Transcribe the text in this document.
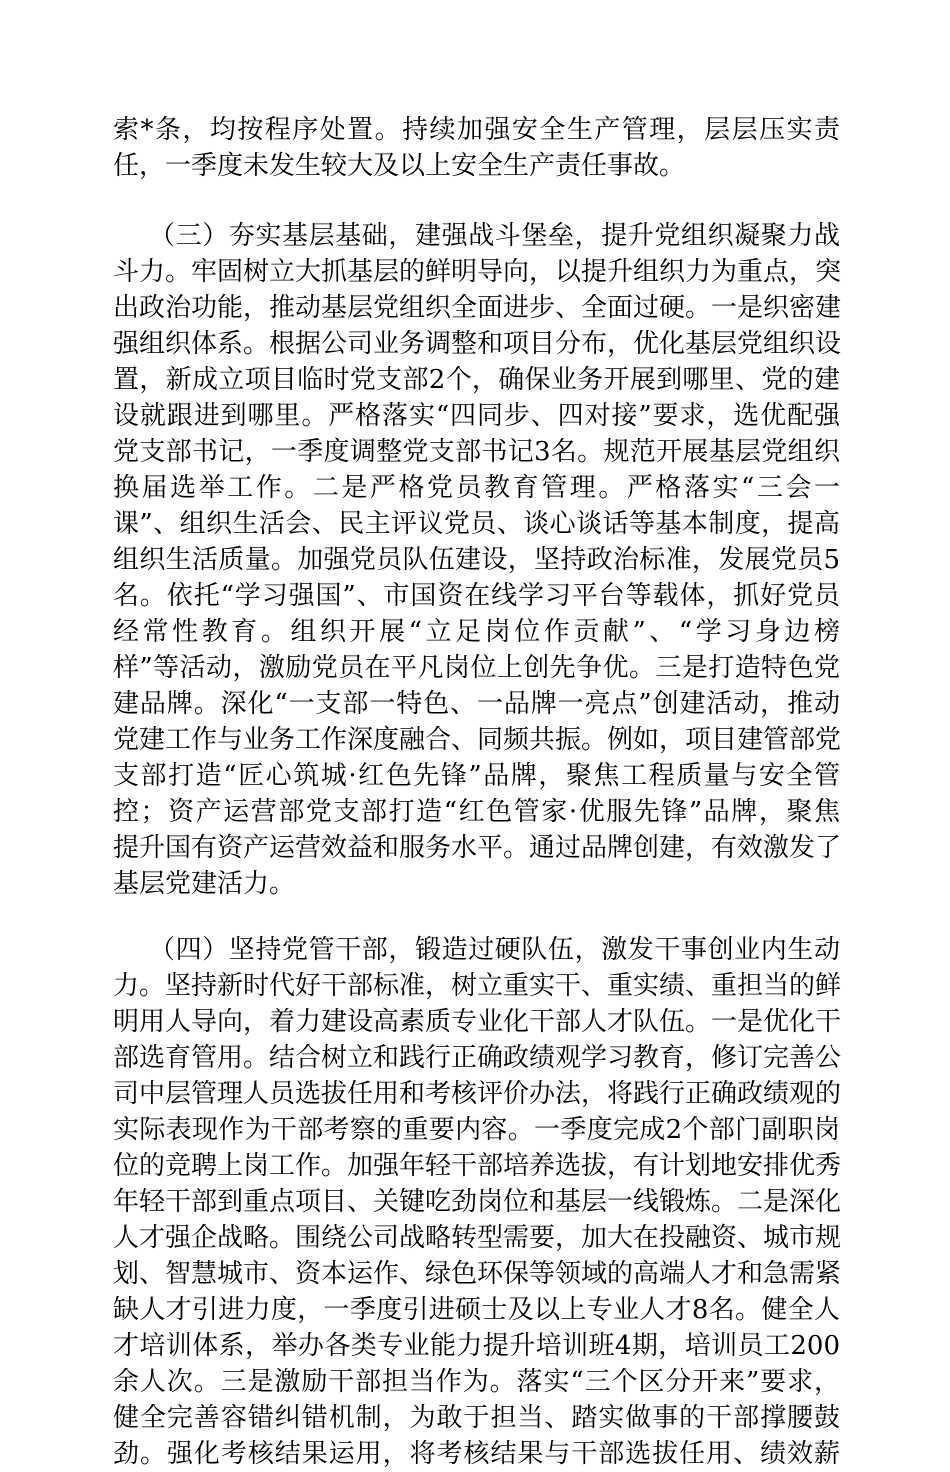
索*条，均按程序处置。持续加强安全生产管理，层层压实责
任，一季度未发生较大及以上安全生产责任事故。
（三）夯实基层基础，建强战斗堡垒，提升党组织凝聚力战
斗力。牢固树立大抓基层的鲜明导向，以提升组织力为重点，突
出政治功能，推动基层党组织全面进步、全面过硬。一是织密建
强组织体系。根据公司业务调整和项目分布，优化基层党组织设
置，新成立项目临时党支部2个，确保业务开展到哪里、党的建
设就跟进到哪里。严格落实“四同步、四对接”要求，选优配强
党支部书记，一季度调整党支部书记3名。规范开展基层党组织
换届选举工作。二是严格党员教育管理。严格落实“三会一
课”、组织生活会、民主评议党员、谈心谈话等基本制度，提高
组织生活质量。加强党员队伍建设，坚持政治标准，发展党员5
名。依托“学习强国”、市国资在线学习平台等载体，抓好党员
经常性教育。组织开展“立足岗位作贡献”、“学习身边榜
样”等活动，激励党员在平凡岗位上创先争优。三是打造特色党
建品牌。深化“一支部一特色、一品牌一亮点”创建活动，推动
党建工作与业务工作深度融合、同频共振。例如，项目建管部党
支部打造“匠心筑城·红色先锋”品牌，聚焦工程质量与安全管
控；资产运营部党支部打造“红色管家·优服先锋”品牌，聚焦
提升国有资产运营效益和服务水平。通过品牌创建，有效激发了
基层党建活力。
（四）坚持党管干部，锻造过硬队伍，激发干事创业内生动
力。坚持新时代好干部标准，树立重实干、重实绩、重担当的鲜
明用人导向，着力建设高素质专业化干部人才队伍。一是优化干
部选育管用。结合树立和践行正确政绩观学习教育，修订完善公
司中层管理人员选拔任用和考核评价办法，将践行正确政绩观的
实际表现作为干部考察的重要内容。一季度完成2个部门副职岗
位的竞聘上岗工作。加强年轻干部培养选拔，有计划地安排优秀
年轻干部到重点项目、关键吃劲岗位和基层一线锻炼。二是深化
人才强企战略。围绕公司战略转型需要，加大在投融资、城市规
划、智慧城市、资本运作、绿色环保等领域的高端人才和急需紧
缺人才引进力度，一季度引进硕士及以上专业人才8名。健全人
才培训体系，举办各类专业能力提升培训班4期，培训员工200
余人次。三是激励干部担当作为。落实“三个区分开来”要求，
健全完善容错纠错机制，为敢于担当、踏实做事的干部撑腰鼓
劲。强化考核结果运用，将考核结果与干部选拔任用、绩效薪
